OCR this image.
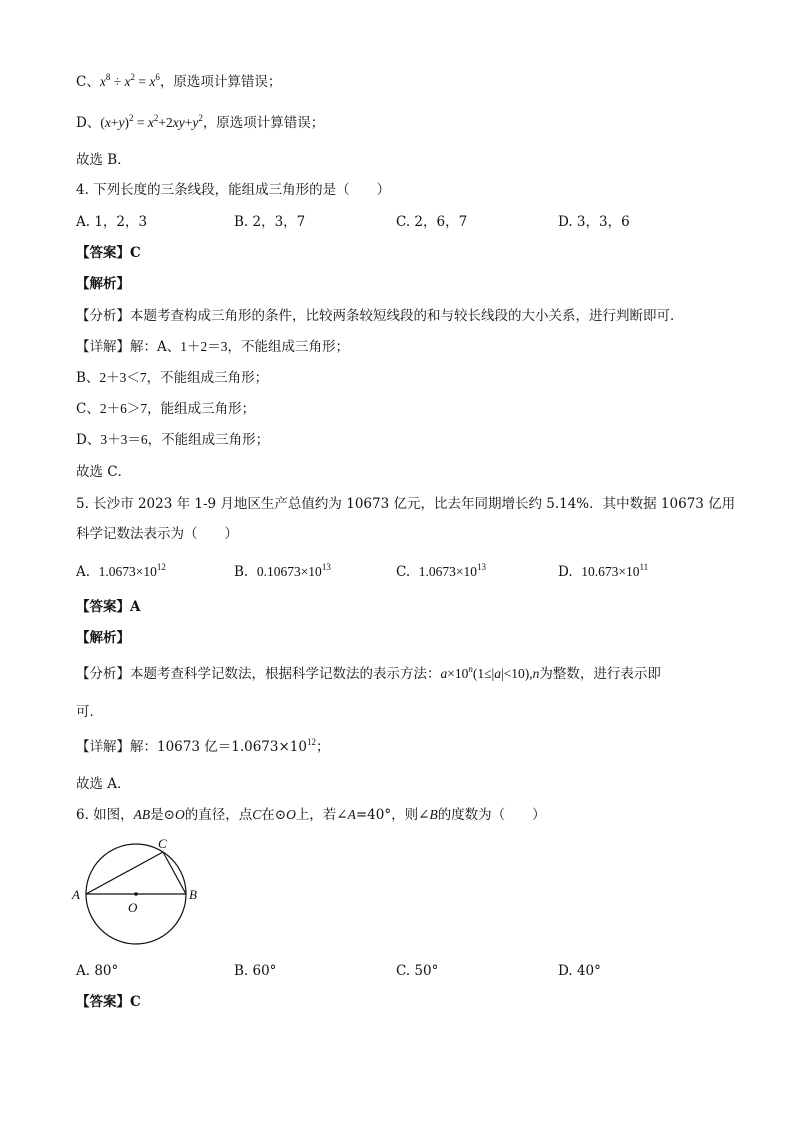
C、$x^8 \div x^2 = x^6$，原选项计算错误；
D、$(x+y)^2 = x^2+2xy+y^2$，原选项计算错误；
故选 B．
4. 下列长度的三条线段，能组成三角形的是（　　）
A. 1，2，3	B. 2，3，7	C. 2，6，7	D. 3，3，6
【答案】C
【解析】
【分析】本题考查构成三角形的条件，比较两条较短线段的和与较长线段的大小关系，进行判断即可．
【详解】解：A、1＋2＝3，不能组成三角形；
B、2＋3＜7，不能组成三角形；
C、2＋6＞7，能组成三角形；
D、3＋3＝6，不能组成三角形；
故选 C．
5. 长沙市 2023 年 1-9 月地区生产总值约为 10673 亿元，比去年同期增长约 5.14%．其中数据 10673 亿用
科学记数法表示为（　　）
A. $1.0673\times 10^{12}$	B. $0.10673\times 10^{13}$	C. $1.0673\times 10^{13}$	D. $10.673\times 10^{11}$
【答案】A
【解析】
【分析】本题考查科学记数法，根据科学记数法的表示方法：$a\times 10^n(1\le|a|<10),n$为整数，进行表示即
可．
【详解】解：10673 亿$=1.0673\times 10^{12}$；
故选 A．
6. 如图，AB是⊙O的直径，点C在⊙O上，若∠A=40°，则∠B的度数为（　　）
A	B
C
O
A. 80°	B. 60°	C. 50°	D. 40°
【答案】C
